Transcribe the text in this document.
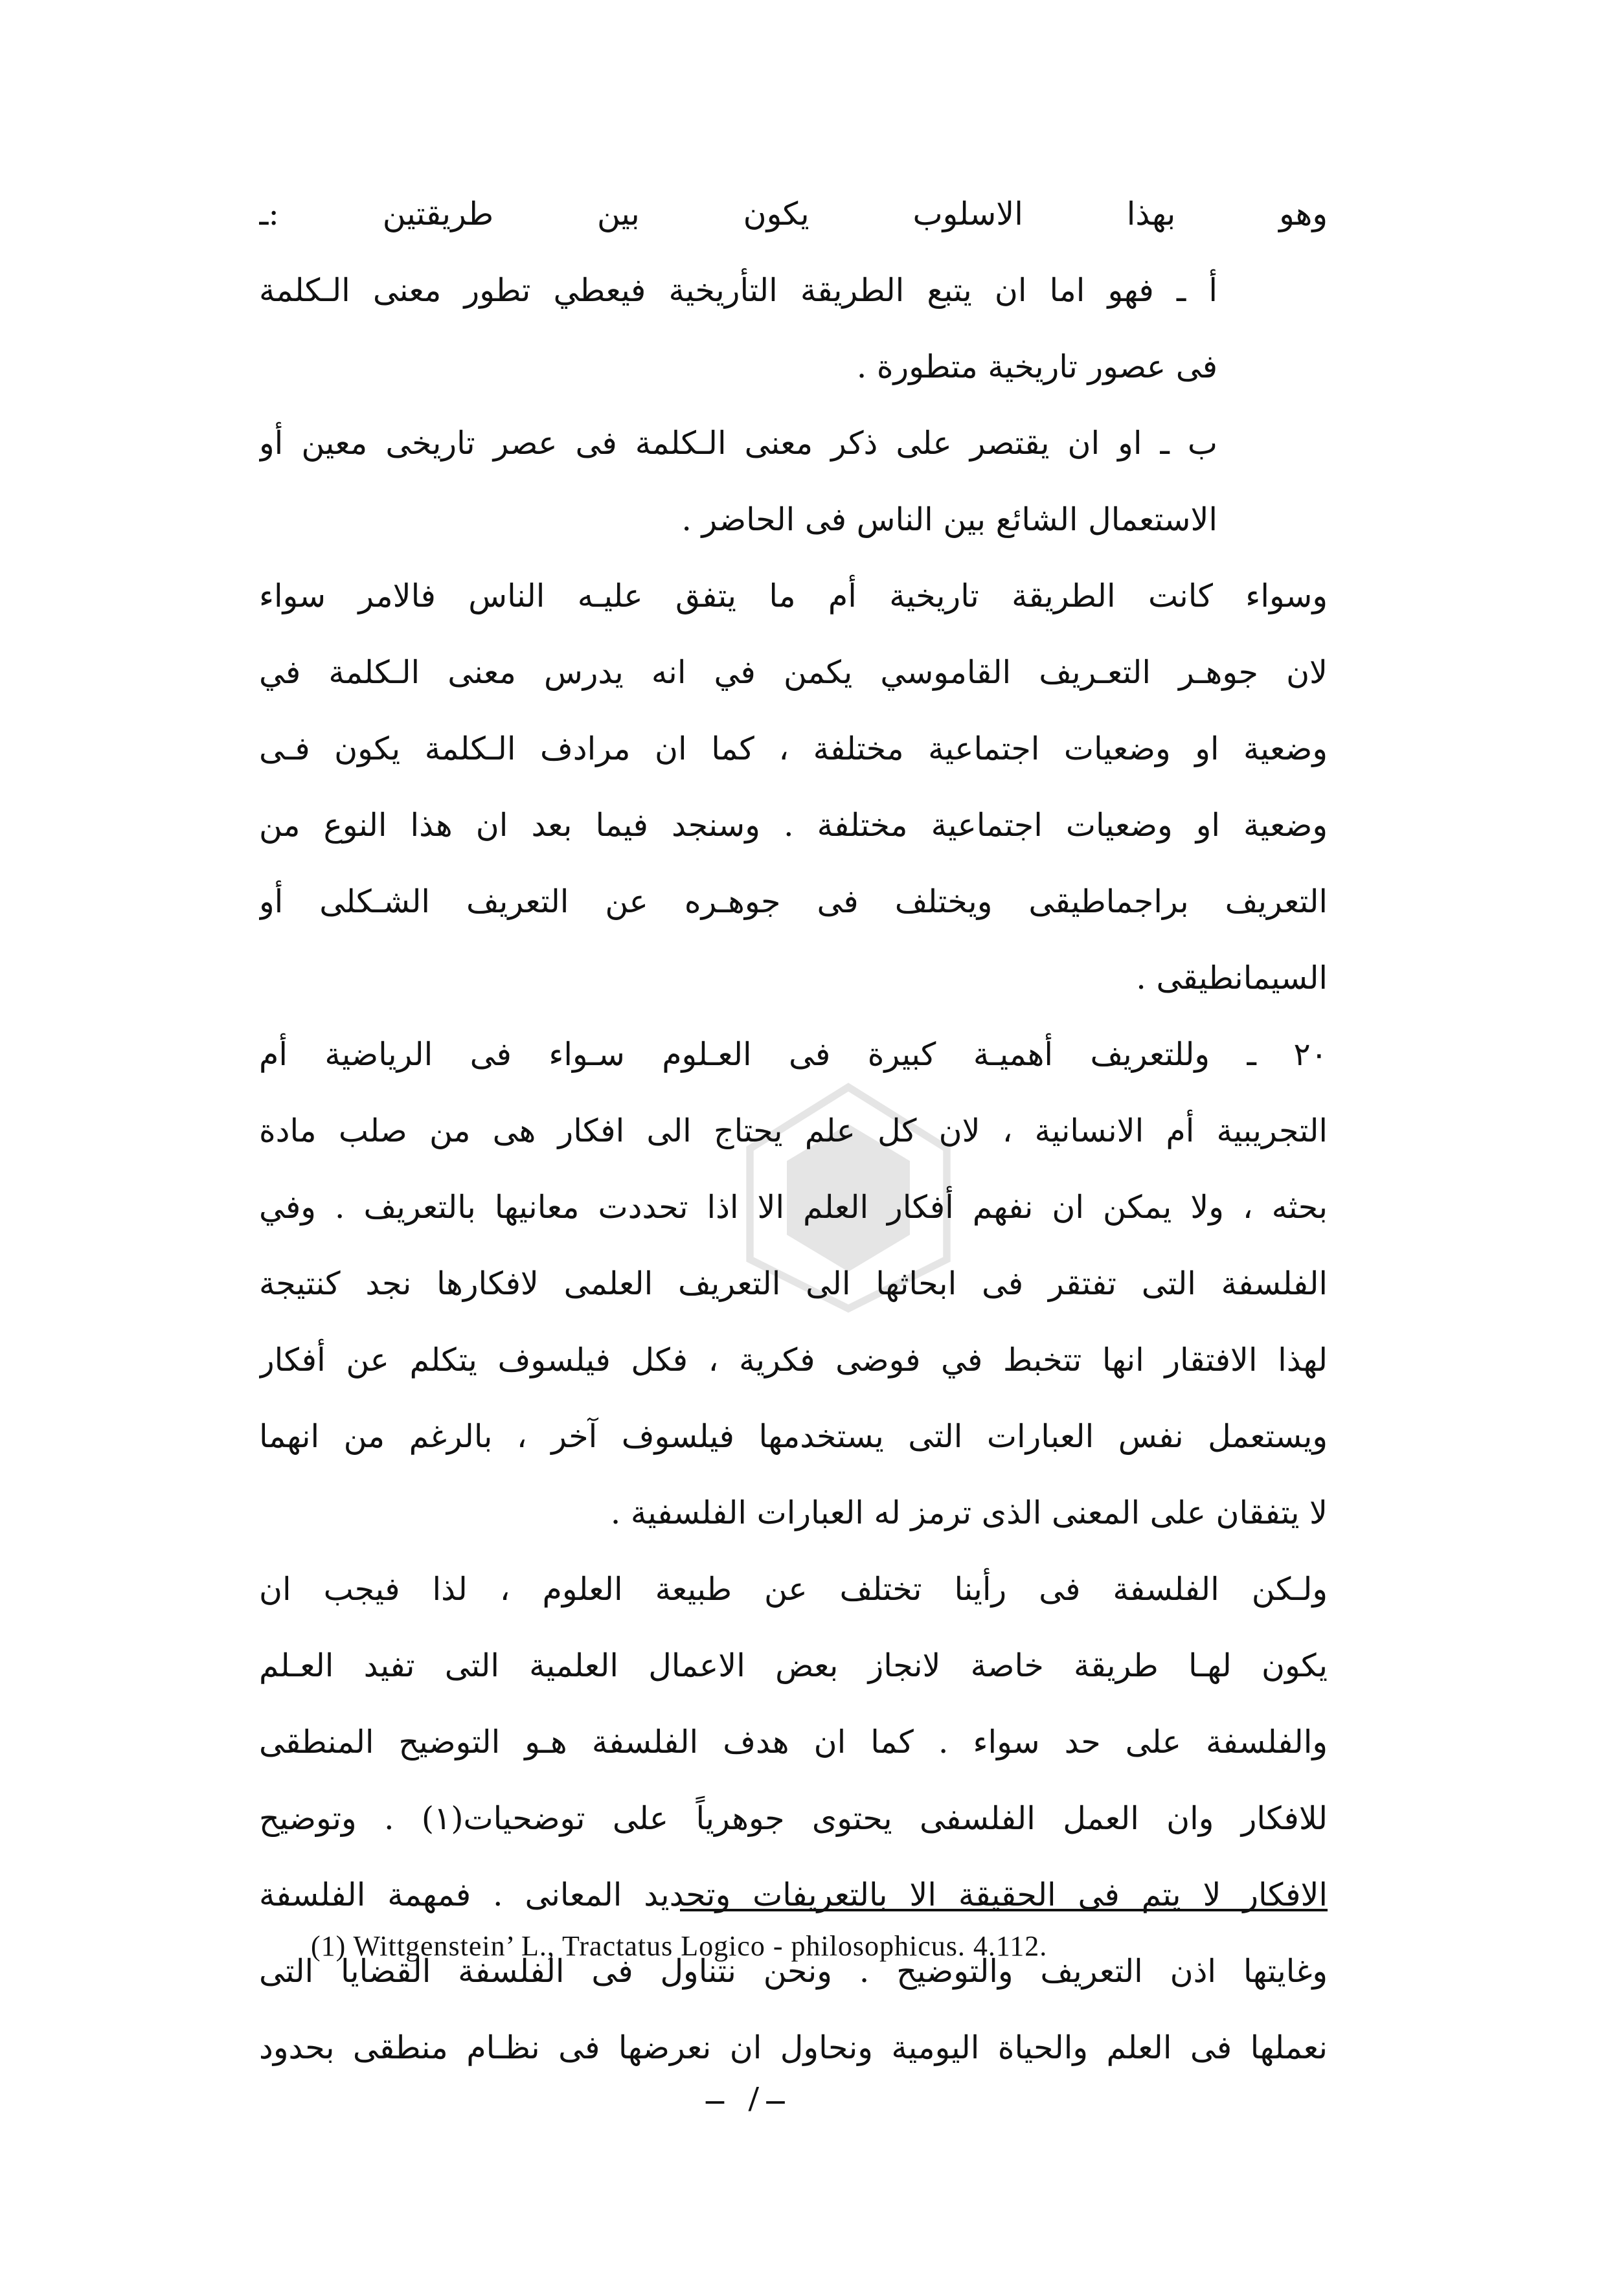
وهو بهذا الاسلوب يكون بين طريقتين :ـ
أ ـ فهو اما ان يتبع الطريقة التأريخية فيعطي تطور معنى الـكلمة
فى عصور تاريخية متطورة .
ب ـ او ان يقتصر على ذكر معنى الـكلمة فى عصر تاريخى معين أو
الاستعمال الشائع بين الناس فى الحاضر .
وسواء كانت الطريقة تاريخية أم ما يتفق عليـه الناس فالامر سواء
لان جوهـر التعـريف القاموسي يكمن في انه يدرس معنى الـكلمة في
وضعية او وضعيات اجتماعية مختلفة ، كما ان مرادف الـكلمة يكون فـى
وضعية او وضعيات اجتماعية مختلفة . وسنجد فيما بعد ان هذا النوع من
التعريف براجماطيقى ويختلف فى جوهـره عن التعريف الشـكلى أو
السيمانطيقى .
٢٠ ـ وللتعريف أهميـة كبيرة فى العـلوم سـواء فى الرياضية أم
التجريبية أم الانسانية ، لان كل علم يحتاج الى افكار هى من صلب مادة
بحثه ، ولا يمكن ان نفهم أفكار العلم الا اذا تحددت معانيها بالتعريف . وفي
الفلسفة التى تفتقر فى ابحاثها الى التعريف العلمى لافكارها نجد كنتيجة
لهذا الافتقار انها تتخبط في فوضى فكرية ، فكل فيلسوف يتكلم عن أفكار
ويستعمل نفس العبارات التى يستخدمها فيلسوف آخر ، بالرغم من انهما
لا يتفقان على المعنى الذى ترمز له العبارات الفلسفية .
ولـكن الفلسفة فى رأينا تختلف عن طبيعة العلوم ، لذا فيجب ان
يكون لهـا طريقة خاصة لانجاز بعض الاعمال العلمية التى تفيد العـلم
والفلسفة على حد سواء . كما ان هدف الفلسفة هـو التوضيح المنطقى
للافكار وان العمل الفلسفى يحتوى جوهرياً على توضحيات(١) . وتوضيح
الافكار لا يتم فى الحقيقة الا بالتعريفات وتحديد المعانى . فمهمة الفلسفة
وغايتها اذن التعريف والتوضيح . ونحن نتناول فى الفلسفة القضايا التى
نعملها فى العلم والحياة اليومية ونحاول ان نعرضها فى نظـام منطقى بحدود
(1) Wittgenstein’ L., Tractatus Logico - philosophicus. 4.112.
– /–
